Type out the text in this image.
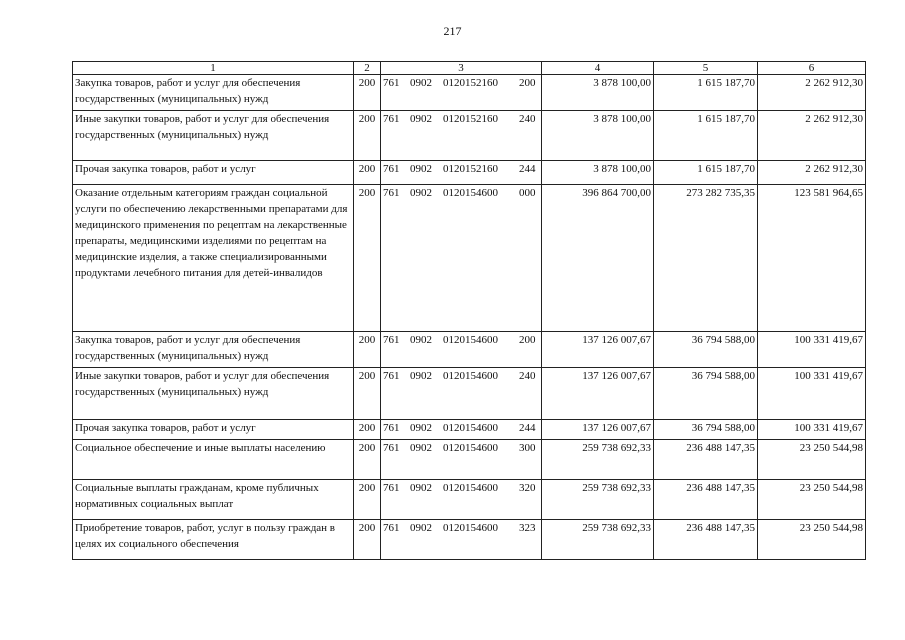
217
1	2	3	4	5	6
Закупка товаров, работ и услуг для обеспечения государственных (муниципальных) нужд	200	761 0902 0120152160 200	3 878 100,00	1 615 187,70	2 262 912,30
Иные закупки товаров, работ и услуг для обеспечения государственных (муниципальных) нужд	200	761 0902 0120152160 240	3 878 100,00	1 615 187,70	2 262 912,30
Прочая закупка товаров, работ и услуг	200	761 0902 0120152160 244	3 878 100,00	1 615 187,70	2 262 912,30
Оказание отдельным категориям граждан социальной услуги по обеспечению лекарственными препаратами для медицинского применения по рецептам на лекарственные препараты, медицинскими изделиями по рецептам на медицинские изделия, а также специализированными продуктами лечебного питания для детей-инвалидов	200	761 0902 0120154600 000	396 864 700,00	273 282 735,35	123 581 964,65
Закупка товаров, работ и услуг для обеспечения государственных (муниципальных) нужд	200	761 0902 0120154600 200	137 126 007,67	36 794 588,00	100 331 419,67
Иные закупки товаров, работ и услуг для обеспечения государственных (муниципальных) нужд	200	761 0902 0120154600 240	137 126 007,67	36 794 588,00	100 331 419,67
Прочая закупка товаров, работ и услуг	200	761 0902 0120154600 244	137 126 007,67	36 794 588,00	100 331 419,67
Социальное обеспечение и иные выплаты населению	200	761 0902 0120154600 300	259 738 692,33	236 488 147,35	23 250 544,98
Социальные выплаты гражданам, кроме публичных нормативных социальных выплат	200	761 0902 0120154600 320	259 738 692,33	236 488 147,35	23 250 544,98
Приобретение товаров, работ, услуг в пользу граждан в целях их социального обеспечения	200	761 0902 0120154600 323	259 738 692,33	236 488 147,35	23 250 544,98
